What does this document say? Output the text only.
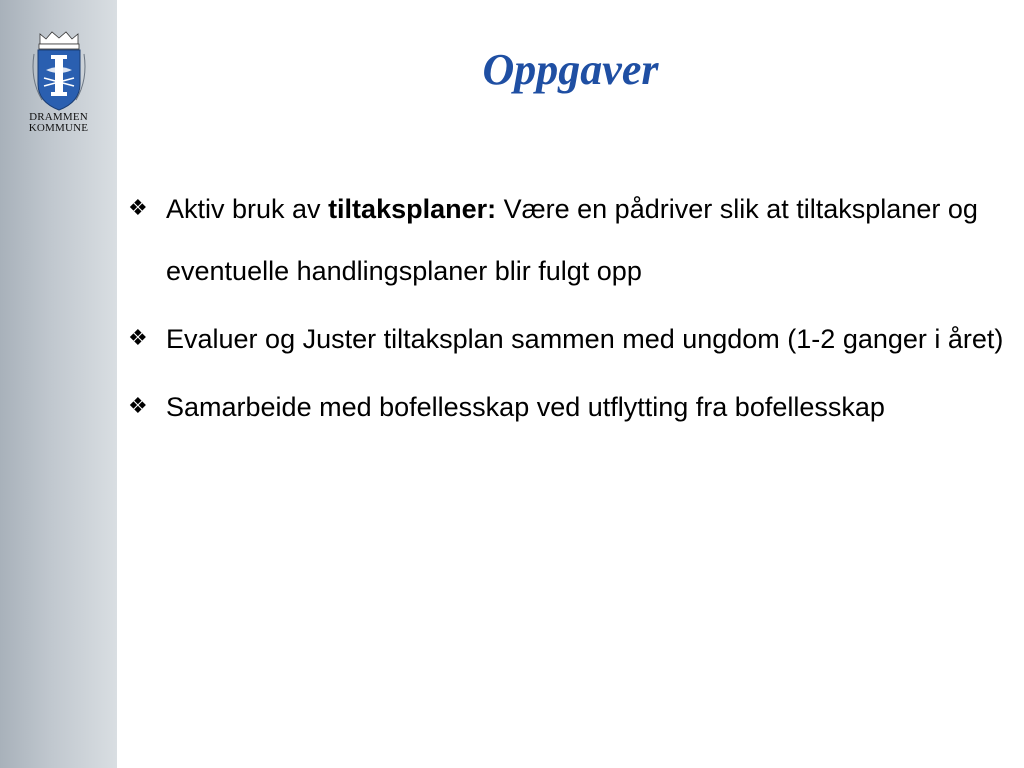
DRAMMEN
KOMMUNE
Oppgaver
❖ Aktiv bruk av tiltaksplaner: Være en pådriver slik at tiltaksplaner og eventuelle handlingsplaner blir fulgt opp
❖ Evaluer og Juster tiltaksplan sammen med ungdom (1-2 ganger i året)
❖ Samarbeide med bofellesskap ved utflytting fra bofellesskap
